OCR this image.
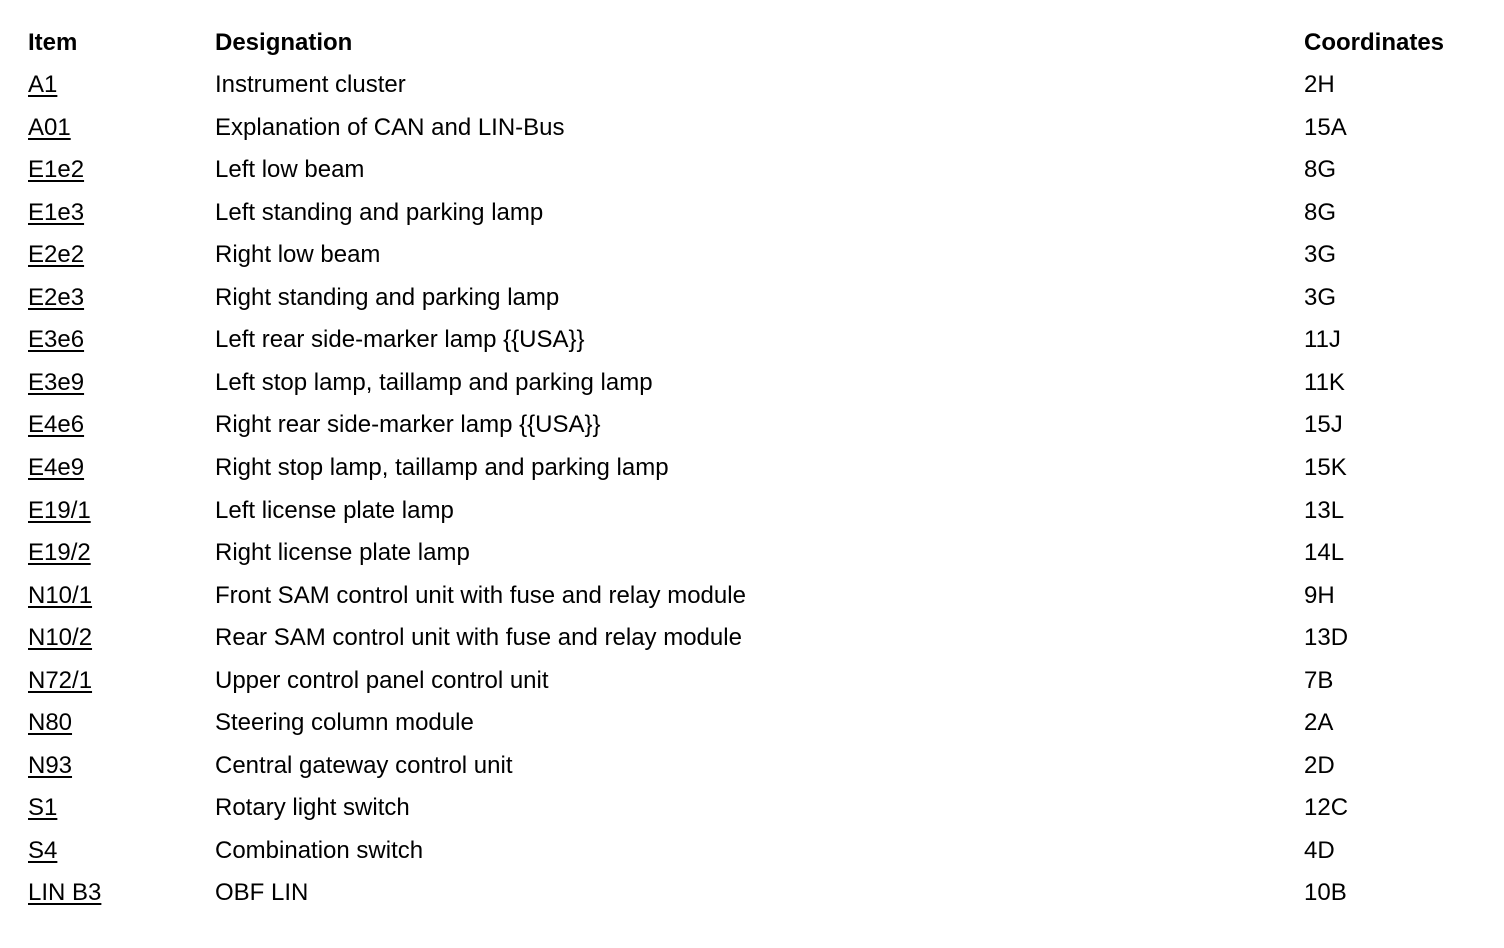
Item	Designation	Coordinates
A1	Instrument cluster	2H
A01	Explanation of CAN and LIN-Bus	15A
E1e2	Left low beam	8G
E1e3	Left standing and parking lamp	8G
E2e2	Right low beam	3G
E2e3	Right standing and parking lamp	3G
E3e6	Left rear side-marker lamp {{USA}}	11J
E3e9	Left stop lamp, taillamp and parking lamp	11K
E4e6	Right rear side-marker lamp {{USA}}	15J
E4e9	Right stop lamp, taillamp and parking lamp	15K
E19/1	Left license plate lamp	13L
E19/2	Right license plate lamp	14L
N10/1	Front SAM control unit with fuse and relay module	9H
N10/2	Rear SAM control unit with fuse and relay module	13D
N72/1	Upper control panel control unit	7B
N80	Steering column module	2A
N93	Central gateway control unit	2D
S1	Rotary light switch	12C
S4	Combination switch	4D
LIN B3	OBF LIN	10B
